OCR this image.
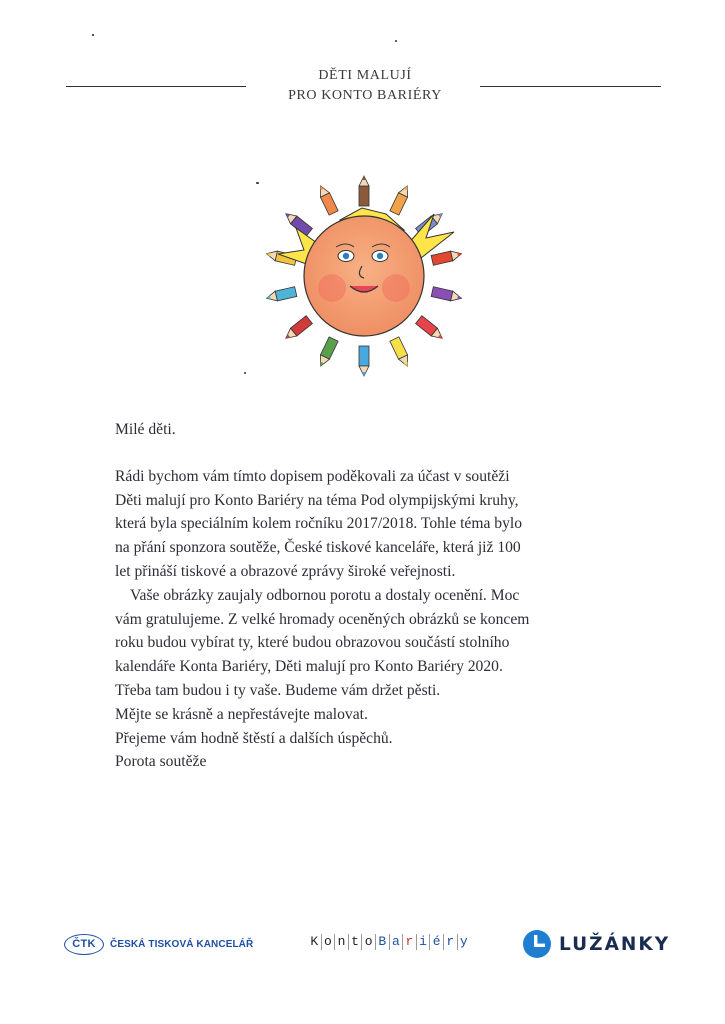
DĚTI MALUJÍ
PRO KONTO BARIÉRY
Milé děti.
Rádi bychom vám tímto dopisem poděkovali za účast v soutěži
Děti malují pro Konto Bariéry na téma Pod olympijskými kruhy,
která byla speciálním kolem ročníku 2017/2018. Tohle téma bylo
na přání sponzora soutěže, České tiskové kanceláře, která již 100
let přináší tiskové a obrazové zprávy široké veřejnosti.
Vaše obrázky zaujaly odbornou porotu a dostaly ocenění. Moc
vám gratulujeme. Z velké hromady oceněných obrázků se koncem
roku budou vybírat ty, které budou obrazovou součástí stolního
kalendáře Konta Bariéry, Děti malují pro Konto Bariéry 2020.
Třeba tam budou i ty vaše. Budeme vám držet pěsti.
Mějte se krásně a nepřestávejte malovat.
Přejeme vám hodně štěstí a dalších úspěchů.
Porota soutěže
ČTK	ČESKÁ TISKOVÁ KANCELÁŘ	K o n t o B a r i é r y	LUŽÁNKY
